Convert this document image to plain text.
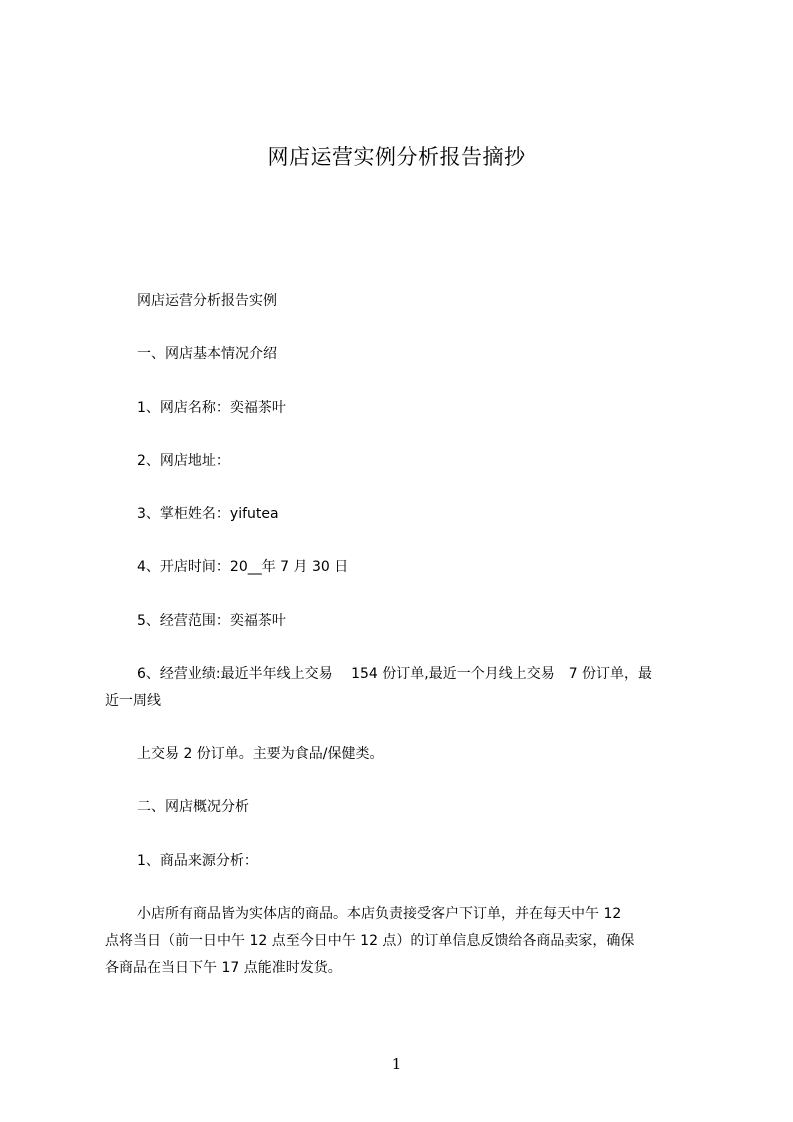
网店运营实例分析报告摘抄
网店运营分析报告实例
一、网店基本情况介绍
1、网店名称：奕福茶叶
2、网店地址：
3、掌柜姓名：yifutea
4、开店时间：20__年 7 月 30 日
5、经营范围：奕福茶叶
6、经营业绩:最近半年线上交易　 154 份订单,最近一个月线上交易　7 份订单，最
近一周线
上交易 2 份订单。主要为食品/保健类。
二、网店概况分析
1、商品来源分析：
小店所有商品皆为实体店的商品。本店负责接受客户下订单，并在每天中午 12
点将当日（前一日中午 12 点至今日中午 12 点）的订单信息反馈给各商品卖家，确保
各商品在当日下午 17 点能准时发货。
1
